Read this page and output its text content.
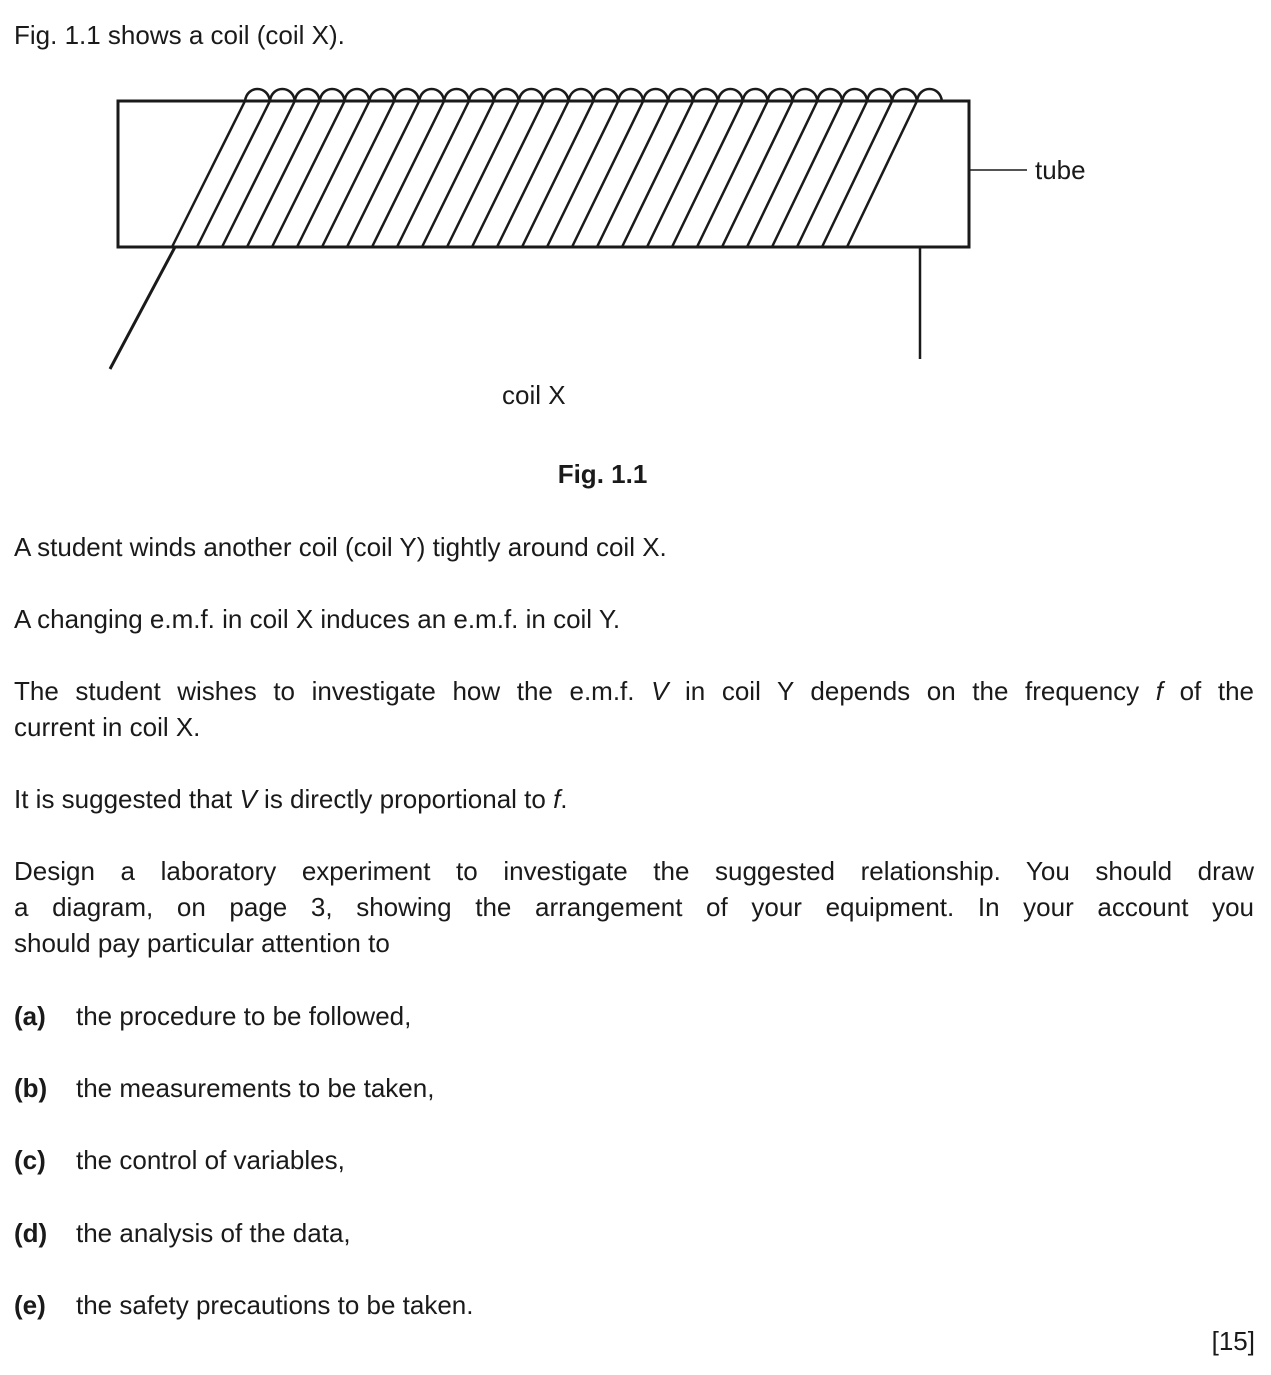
Fig. 1.1 shows a coil (coil X).
tube
coil X
Fig. 1.1
A student winds another coil (coil Y) tightly around coil X.
A changing e.m.f. in coil X induces an e.m.f. in coil Y.
The student wishes to investigate how the e.m.f. V in coil Y depends on the frequency f of the
current in coil X.
It is suggested that V is directly proportional to f.
Design a laboratory experiment to investigate the suggested relationship. You should draw
a diagram, on page 3, showing the arrangement of your equipment. In your account you
should pay particular attention to
(a) the procedure to be followed,
(b) the measurements to be taken,
(c) the control of variables,
(d) the analysis of the data,
(e) the safety precautions to be taken.
[15]
